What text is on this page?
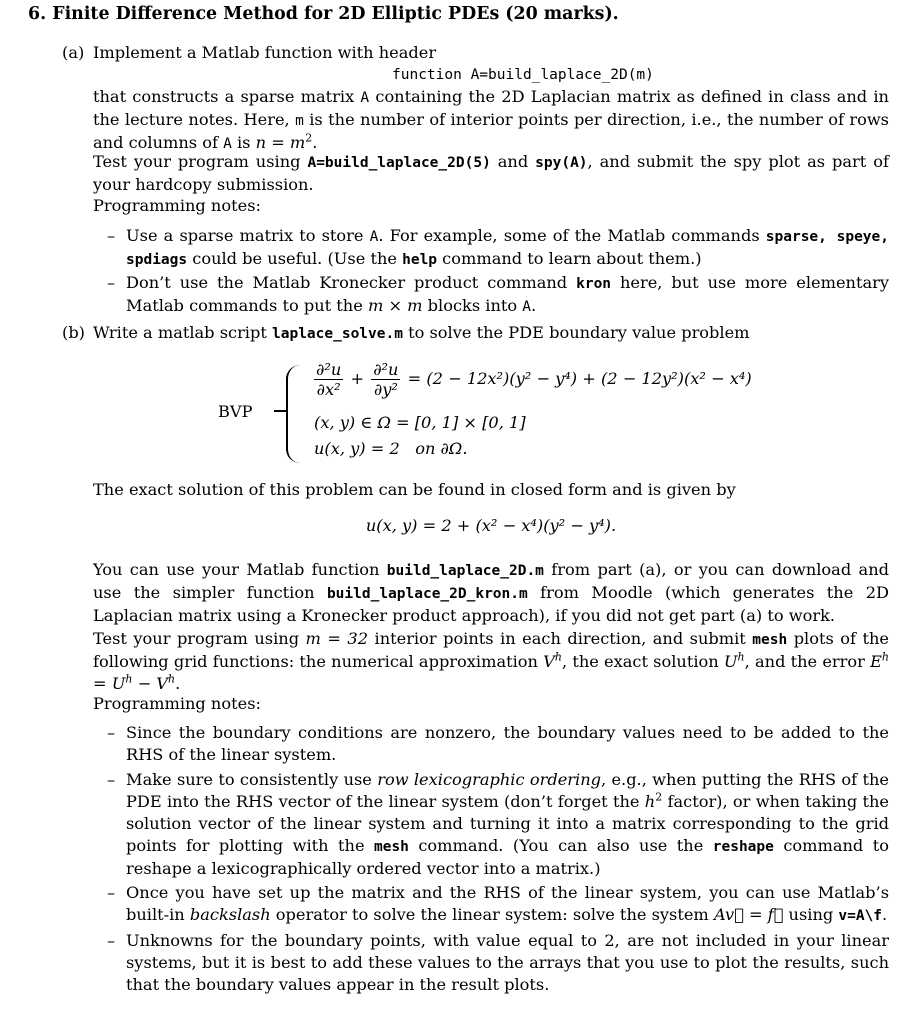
6. Finite Difference Method for 2D Elliptic PDEs (20 marks).
(a) Implement a Matlab function with header
function A=build_laplace_2D(m)
that constructs a sparse matrix A containing the 2D Laplacian matrix as defined in class and in the lecture notes. Here, m is the number of interior points per direction, i.e., the number of rows and columns of A is $n = m^2$.
Test your program using A=build_laplace_2D(5) and spy(A), and submit the spy plot as part of your hardcopy submission.
Programming notes:
– Use a sparse matrix to store A. For example, some of the Matlab commands sparse, speye, spdiags could be useful. (Use the help command to learn about them.)
– Don’t use the Matlab Kronecker product command kron here, but use more elementary Matlab commands to put the m × m blocks into A.
(b) Write a matlab script laplace_solve.m to solve the PDE boundary value problem
BVP
$\frac{\text{∂²u}}{\text{∂x²}} + \frac{\text{∂²u}}{\text{∂y²}} = (2 - 12x^2)(y^2 - y^4) + (2 - 12y^2)(x^2 - x^4)$
(x, y) ∈ Ω = [0, 1] × [0, 1]
u(x, y) = 2   on ∂Ω.
The exact solution of this problem can be found in closed form and is given by
u(x, y) = 2 + (x² − x⁴)(y² − y⁴).
You can use your Matlab function build_laplace_2D.m from part (a), or you can download and use the simpler function build_laplace_2D_kron.m from Moodle (which generates the 2D Laplacian matrix using a Kronecker product approach), if you did not get part (a) to work.
Test your program using m = 32 interior points in each direction, and submit mesh plots of the following grid functions: the numerical approximation $V^h$, the exact solution $U^h$, and the error $E^h = U^h - V^h$.
Programming notes:
– Since the boundary conditions are nonzero, the boundary values need to be added to the RHS of the linear system.
– Make sure to consistently use row lexicographic ordering, e.g., when putting the RHS of the PDE into the RHS vector of the linear system (don’t forget the $h^2$ factor), or when taking the solution vector of the linear system and turning it into a matrix corresponding to the grid points for plotting with the mesh command. (You can also use the reshape command to reshape a lexicographically ordered vector into a matrix.)
– Once you have set up the matrix and the RHS of the linear system, you can use Matlab’s built-in backslash operator to solve the linear system: solve the system Av⃗ = f⃗ using v=A\f.
– Unknowns for the boundary points, with value equal to 2, are not included in your linear systems, but it is best to add these values to the arrays that you use to plot the results, such that the boundary values appear in the result plots.
